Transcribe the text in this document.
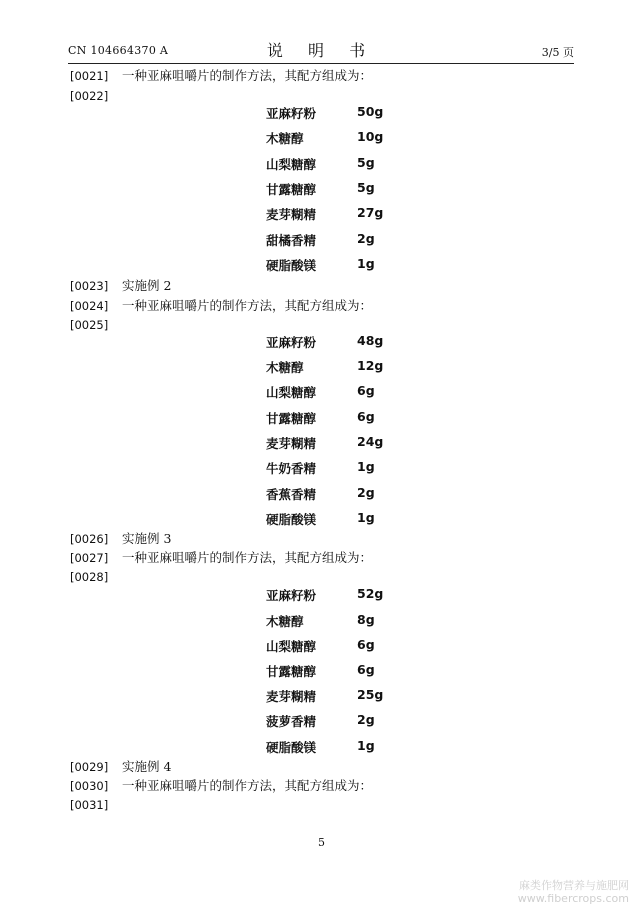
CN 104664370 A	说 明 书	3/5 页
[0021] 一种亚麻咀嚼片的制作方法，其配方组成为：
[0022]
亚麻籽粉	50g
木糖醇	10g
山梨糖醇	5g
甘露糖醇	5g
麦芽糊精	27g
甜橘香精	2g
硬脂酸镁	1g
[0023] 实施例 2
[0024] 一种亚麻咀嚼片的制作方法，其配方组成为：
[0025]
亚麻籽粉	48g
木糖醇	12g
山梨糖醇	6g
甘露糖醇	6g
麦芽糊精	24g
牛奶香精	1g
香蕉香精	2g
硬脂酸镁	1g
[0026] 实施例 3
[0027] 一种亚麻咀嚼片的制作方法，其配方组成为：
[0028]
亚麻籽粉	52g
木糖醇	8g
山梨糖醇	6g
甘露糖醇	6g
麦芽糊精	25g
菠萝香精	2g
硬脂酸镁	1g
[0029] 实施例 4
[0030] 一种亚麻咀嚼片的制作方法，其配方组成为：
[0031]
5
麻类作物营养与施肥网
www.fibercrops.com
